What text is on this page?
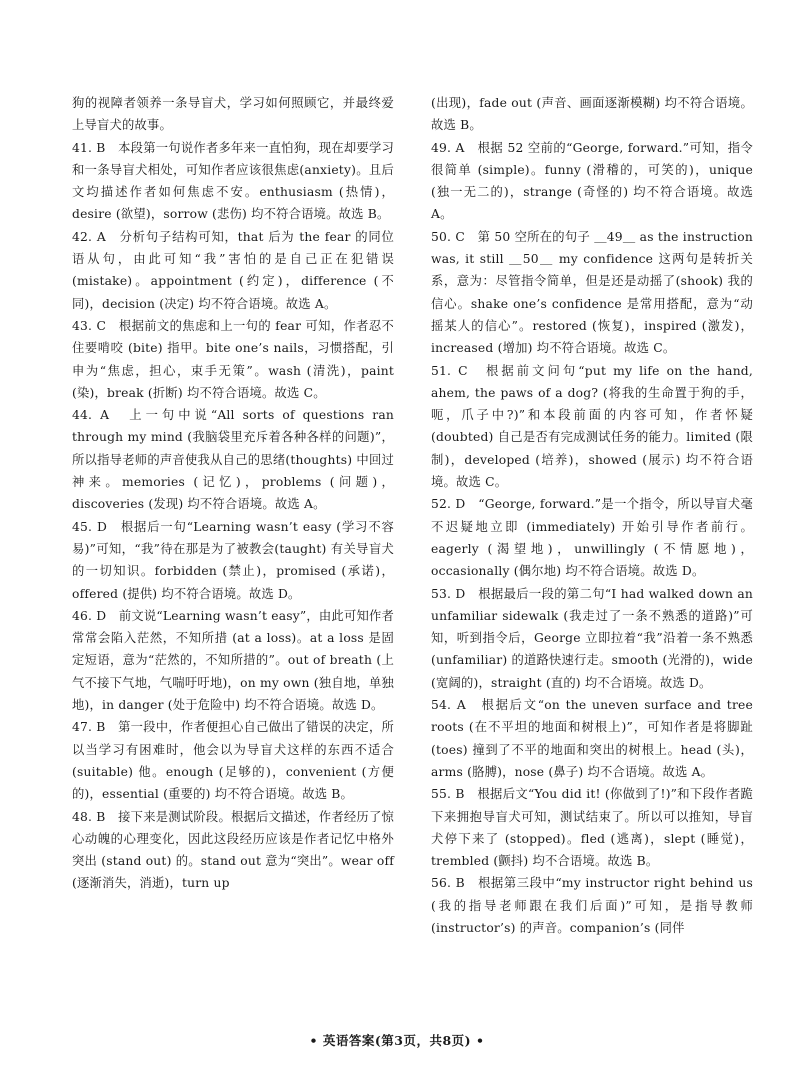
狗的视障者领养一条导盲犬，学习如何照顾它，并最终爱上导盲犬的故事。

41. B　本段第一句说作者多年来一直怕狗，现在却要学习和一条导盲犬相处，可知作者应该很焦虑(anxiety)。且后文均描述作者如何焦虑不安。enthusiasm (热情)，desire (欲望)，sorrow (悲伤) 均不符合语境。故选 B。

42. A　分析句子结构可知，that 后为 the fear 的同位语从句，由此可知“我”害怕的是自己正在犯错误 (mistake)。appointment (约定)，difference (不同)，decision (决定) 均不符合语境。故选 A。

43. C　根据前文的焦虑和上一句的 fear 可知，作者忍不住要啃咬 (bite) 指甲。bite one’s nails，习惯搭配，引申为“焦虑，担心，束手无策”。wash (清洗)，paint (染)，break (折断) 均不符合语境。故选 C。

44. A　上一句中说“All sorts of questions ran through my mind (我脑袋里充斥着各种各样的问题)”，所以指导老师的声音使我从自己的思绪(thoughts) 中回过神来。memories (记忆)，problems (问题)，discoveries (发现) 均不符合语境。故选 A。

45. D　根据后一句“Learning wasn’t easy (学习不容易)”可知，“我”待在那是为了被教会(taught) 有关导盲犬的一切知识。forbidden (禁止)，promised (承诺)，offered (提供) 均不符合语境。故选 D。

46. D　前文说“Learning wasn’t easy”，由此可知作者常常会陷入茫然，不知所措 (at a loss)。at a loss 是固定短语，意为“茫然的，不知所措的”。out of breath (上气不接下气地，气喘吁吁地)，on my own (独自地，单独地)，in danger (处于危险中) 均不符合语境。故选 D。

47. B　第一段中，作者便担心自己做出了错误的决定，所以当学习有困难时，他会以为导盲犬这样的东西不适合 (suitable) 他。enough (足够的)，convenient (方便的)，essential (重要的) 均不符合语境。故选 B。

48. B　接下来是测试阶段。根据后文描述，作者经历了惊心动魄的心理变化，因此这段经历应该是作者记忆中格外突出 (stand out) 的。stand out 意为“突出”。wear off (逐渐消失，消逝)，turn up

(出现)，fade out (声音、画面逐渐模糊) 均不符合语境。故选 B。

49. A　根据 52 空前的“George, forward.”可知，指令很简单 (simple)。funny (滑稽的，可笑的)，unique (独一无二的)，strange (奇怪的) 均不符合语境。故选 A。

50. C　第 50 空所在的句子 ＿49＿ as the instruction was, it still ＿50＿ my confidence 这两句是转折关系，意为：尽管指令简单，但是还是动摇了(shook) 我的信心。shake one’s confidence 是常用搭配，意为“动摇某人的信心”。restored (恢复)，inspired (激发)，increased (增加) 均不符合语境。故选 C。

51. C　根据前文问句“put my life on the hand, ahem, the paws of a dog? (将我的生命置于狗的手，呃，爪子中?)”和本段前面的内容可知，作者怀疑 (doubted) 自己是否有完成测试任务的能力。limited (限制)，developed (培养)，showed (展示) 均不符合语境。故选 C。

52. D　“George, forward.”是一个指令，所以导盲犬毫不迟疑地立即 (immediately) 开始引导作者前行。eagerly (渴望地)，unwillingly (不情愿地)，occasionally (偶尔地) 均不符合语境。故选 D。

53. D　根据最后一段的第二句“I had walked down an unfamiliar sidewalk (我走过了一条不熟悉的道路)”可知，听到指令后，George 立即拉着“我”沿着一条不熟悉 (unfamiliar) 的道路快速行走。smooth (光滑的)，wide (宽阔的)，straight (直的) 均不合语境。故选 D。

54. A　根据后文“on the uneven surface and tree roots (在不平坦的地面和树根上)”，可知作者是将脚趾 (toes) 撞到了不平的地面和突出的树根上。head (头)，arms (胳膊)，nose (鼻子) 均不合语境。故选 A。

55. B　根据后文“You did it! (你做到了!)”和下段作者跪下来拥抱导盲犬可知，测试结束了。所以可以推知，导盲犬停下来了 (stopped)。fled (逃离)，slept (睡觉)，trembled (颤抖) 均不合语境。故选 B。

56. B　根据第三段中“my instructor right behind us (我的指导老师跟在我们后面)”可知，是指导教师 (instructor’s) 的声音。companion’s (同伴

• 英语答案(第3页，共8页) •
